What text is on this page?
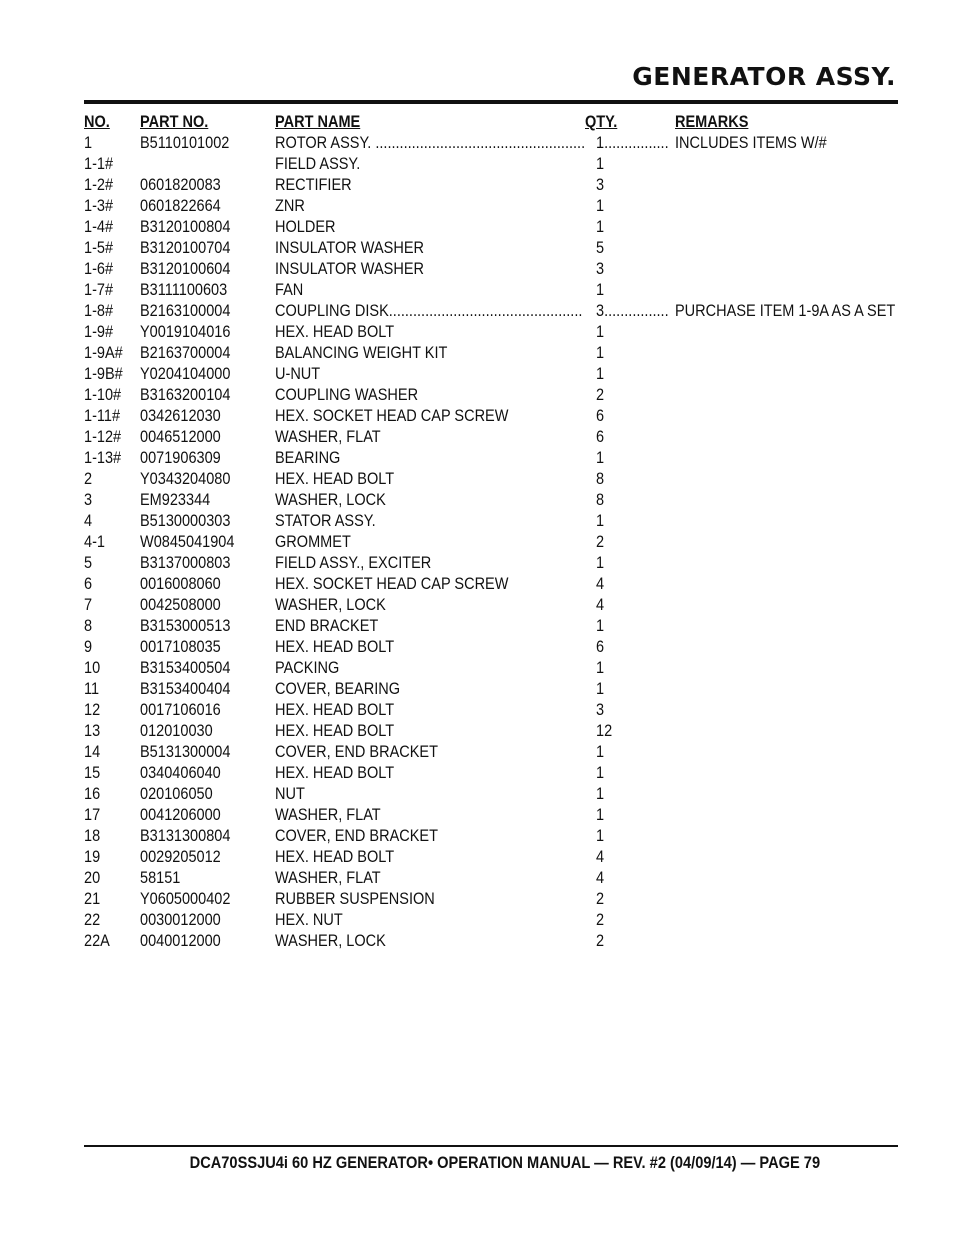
GENERATOR ASSY.
NO. PART NO.	PART NAME	QTY.	REMARKS
1	B5110101002	ROTOR ASSY. .................................................... 1................ INCLUDES ITEMS W/#
1-1#	FIELD ASSY.	1
1-2# 0601820083	RECTIFIER	3
1-3# 0601822664	ZNR	1
1-4# B3120100804	HOLDER	1
1-5# B3120100704	INSULATOR WASHER	5
1-6# B3120100604	INSULATOR WASHER	3
1-7# B3111100603	FAN	1
1-8# B2163100004	COUPLING DISK................................................ 3................ PURCHASE ITEM 1-9A AS A SET
1-9# Y0019104016	HEX. HEAD BOLT	1
1-9A# B2163700004	BALANCING WEIGHT KIT	1
1-9B# Y0204104000	U-NUT	1
1-10# B3163200104	COUPLING WASHER	2
1-11# 0342612030	HEX. SOCKET HEAD CAP SCREW	6
1-12# 0046512000	WASHER, FLAT	6
1-13# 0071906309	BEARING	1
2	Y0343204080	HEX. HEAD BOLT	8
3	EM923344	WASHER, LOCK	8
4	B5130000303	STATOR ASSY.	1
4-1 W0845041904 GROMMET	2
5	B3137000803	FIELD ASSY., EXCITER	1
6	0016008060	HEX. SOCKET HEAD CAP SCREW	4
7	0042508000	WASHER, LOCK	4
8	B3153000513	END BRACKET	1
9	0017108035	HEX. HEAD BOLT	6
10 B3153400504	PACKING	1
11 B3153400404	COVER, BEARING	1
12 0017106016	HEX. HEAD BOLT	3
13 012010030	HEX. HEAD BOLT	12
14 B5131300004	COVER, END BRACKET	1
15 0340406040	HEX. HEAD BOLT	1
16 020106050	NUT	1
17 0041206000	WASHER, FLAT	1
18 B3131300804	COVER, END BRACKET	1
19 0029205012	HEX. HEAD BOLT	4
20 58151	WASHER, FLAT	4
21 Y0605000402	RUBBER SUSPENSION	2
22 0030012000	HEX. NUT	2
22A 0040012000	WASHER, LOCK	2
DCA70SSJU4i 60 HZ GENERATOR• OPERATION MANUAL — REV. #2 (04/09/14) — PAGE 79
